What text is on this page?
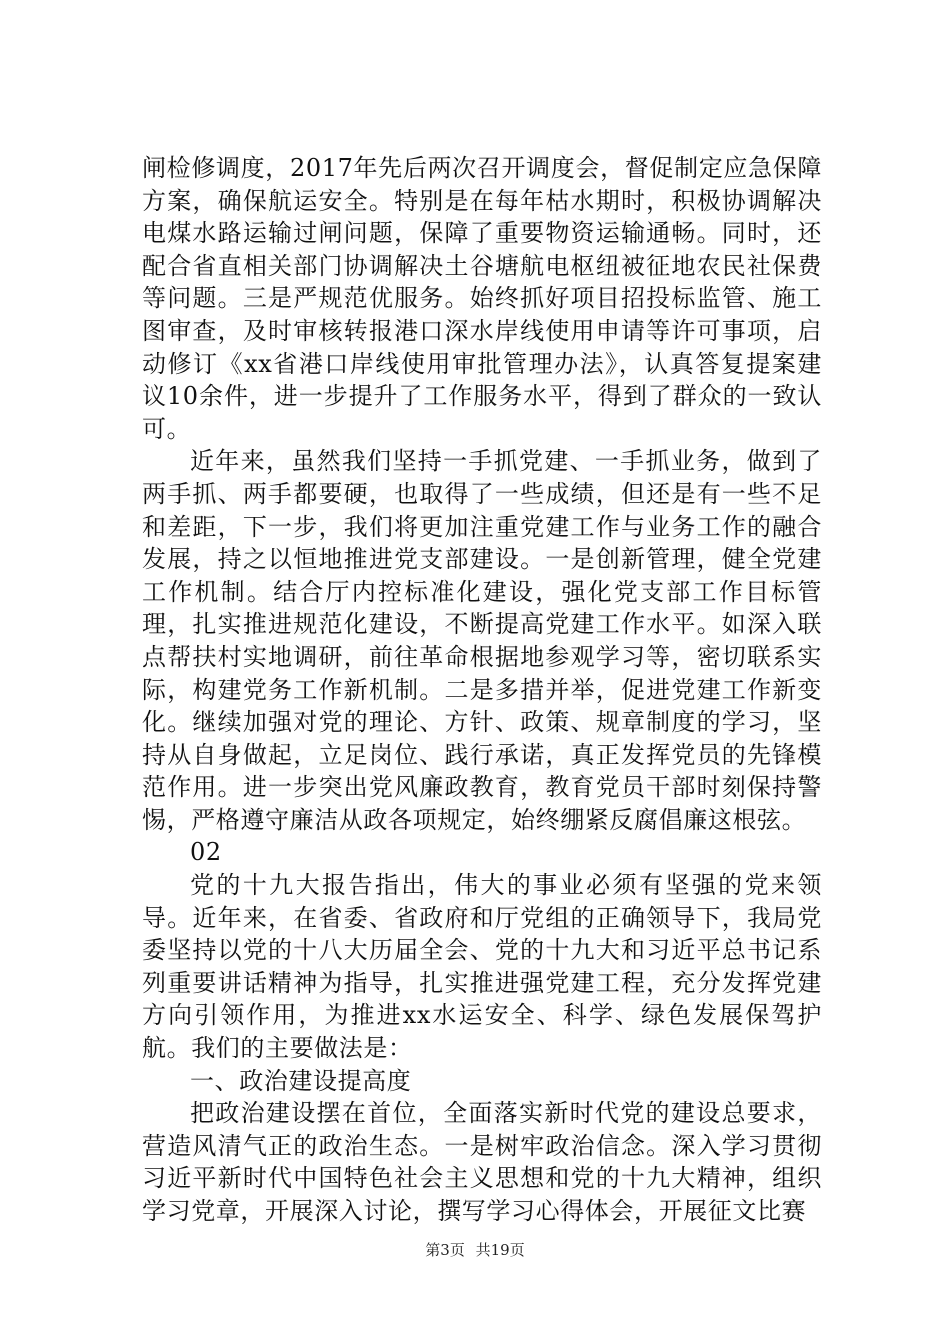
闸检修调度，2017年先后两次召开调度会，督促制定应急保障方案，确保航运安全。特别是在每年枯水期时，积极协调解决电煤水路运输过闸问题，保障了重要物资运输通畅。同时，还配合省直相关部门协调解决土谷塘航电枢纽被征地农民社保费等问题。三是严规范优服务。始终抓好项目招投标监管、施工图审查，及时审核转报港口深水岸线使用申请等许可事项，启动修订《xx省港口岸线使用审批管理办法》，认真答复提案建议10余件，进一步提升了工作服务水平，得到了群众的一致认可。

近年来，虽然我们坚持一手抓党建、一手抓业务，做到了两手抓、两手都要硬，也取得了一些成绩，但还是有一些不足和差距，下一步，我们将更加注重党建工作与业务工作的融合发展，持之以恒地推进党支部建设。一是创新管理，健全党建工作机制。结合厅内控标准化建设，强化党支部工作目标管理，扎实推进规范化建设，不断提高党建工作水平。如深入联点帮扶村实地调研，前往革命根据地参观学习等，密切联系实际，构建党务工作新机制。二是多措并举，促进党建工作新变化。继续加强对党的理论、方针、政策、规章制度的学习，坚持从自身做起，立足岗位、践行承诺，真正发挥党员的先锋模范作用。进一步突出党风廉政教育，教育党员干部时刻保持警惕，严格遵守廉洁从政各项规定，始终绷紧反腐倡廉这根弦。

02

党的十九大报告指出，伟大的事业必须有坚强的党来领导。近年来，在省委、省政府和厅党组的正确领导下，我局党委坚持以党的十八大历届全会、党的十九大和习近平总书记系列重要讲话精神为指导，扎实推进强党建工程，充分发挥党建方向引领作用，为推进xx水运安全、科学、绿色发展保驾护航。我们的主要做法是：

一、政治建设提高度

把政治建设摆在首位，全面落实新时代党的建设总要求，营造风清气正的政治生态。一是树牢政治信念。深入学习贯彻习近平新时代中国特色社会主义思想和党的十九大精神，组织学习党章，开展深入讨论，撰写学习心得体会，开展征文比赛

第3页 共19页
